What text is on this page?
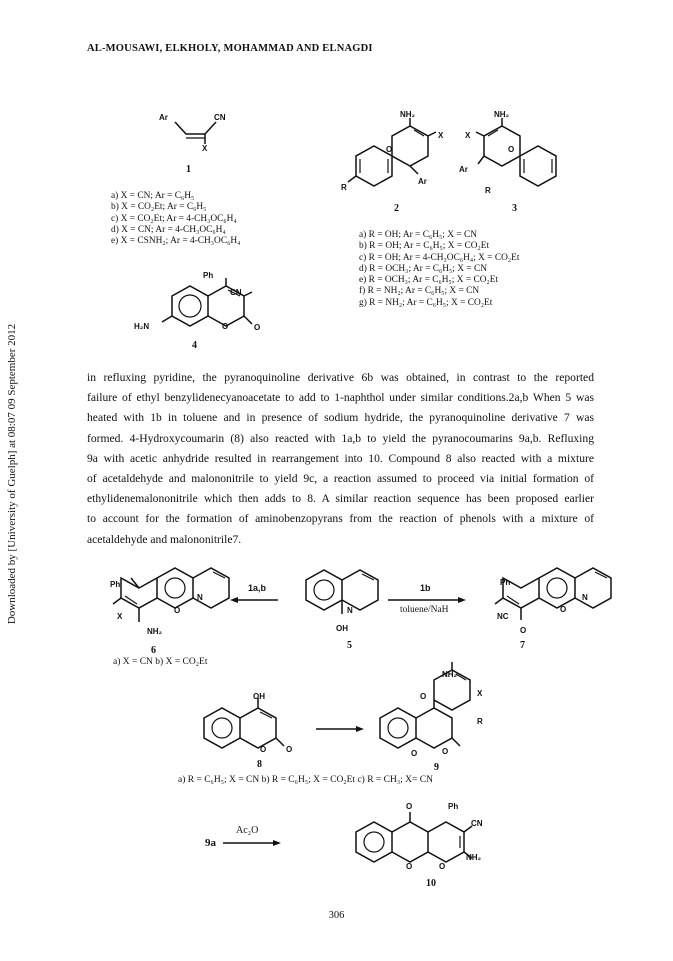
AL-MOUSAWI, ELKHOLY, MOHAMMAD AND ELNAGDI
Downloaded by [University of Guelph] at 08:07 09 September 2012
Ar	CN
X
1
a) X = CN; Ar = C₆H₅
b) X = CO₂Et; Ar = C₆H₅
c) X = CO₂Et; Ar = 4-CH₃OC₆H₄
d) X = CN; Ar = 4-CH₃OC₆H₄
e) X = CSNH₂; Ar = 4-CH₃OC₆H₄
NH₂
X
O
Ar
R
2
NH₂
X
O
Ar
R
3
a) R = OH; Ar = C₆H₅; X = CN
b) R = OH; Ar = C₆H₅; X = CO₂Et
c) R = OH; Ar = 4-CH₃OC₆H₄; X = CO₂Et
d) R = OCH₃; Ar = C₆H₅; X = CN
e) R = OCH₃; Ar = C₆H₅; X = CO₂Et
f) R = NH₂; Ar = C₆H₅; X = CN
g) R = NH₂; Ar = C₆H₅; X = CO₂Et
Ph
CN
H₂N	O	O
4
in refluxing pyridine, the pyranoquinoline derivative 6b was obtained, in contrast to the reported
failure of ethyl benzylidenecyanoacetate to add to 1-naphthol under similar conditions.2a,b When 5 was
heated with 1b in toluene and in presence of sodium hydride, the pyranoquinoline derivative 7 was
formed. 4-Hydroxycoumarin (8) also reacted with 1a,b to yield the pyranocoumarins 9a,b. Refluxing
9a with acetic anhydride resulted in rearrangement into 10. Compound 8 also reacted with a mixture
of acetaldehyde and malononitrile to yield 9c, a reaction assumed to proceed via initial formation of
ethylidenemalononitrile which then adds to 8. A similar reaction sequence has been proposed earlier
to account for the formation of aminobenzopyrans from the reaction of phenols with a mixture of
acetaldehyde and malononitrile7.
Ph
N
O
X
NH₂
6
a) X = CN b) X = CO₂Et
1a,b
N
OH
5
1b
toluene/NaH
Ph
N
O
NC
O
7
OH
O O
8
NH₂
X
O
R
O	O
9
a) R = C₆H₅; X = CN b) R = C₆H₅; X = CO₂Et c) R = CH₃; X= CN
9a
Ac₂O
O	Ph
CN
O	O
NH₂
10
306
